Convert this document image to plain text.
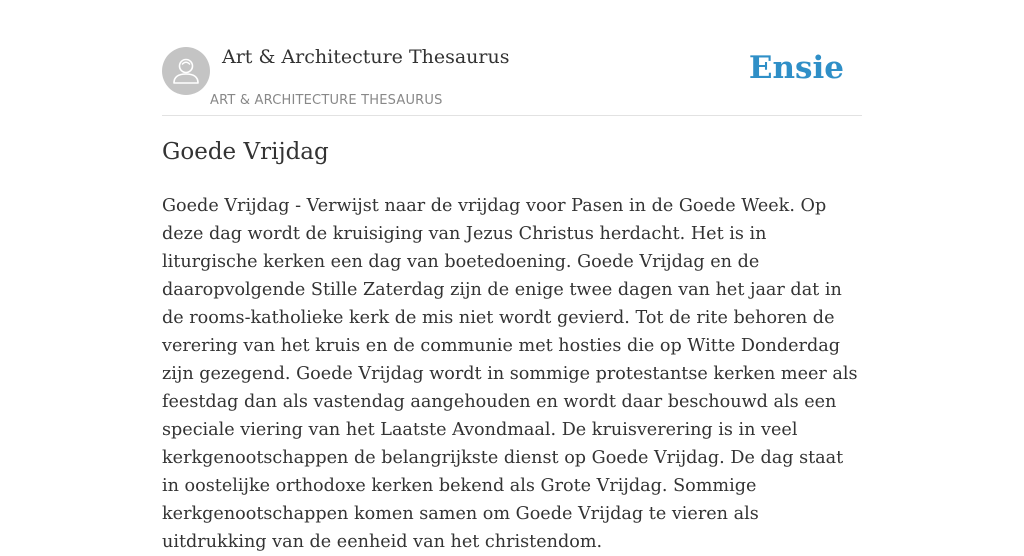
Art & Architecture Thesaurus
ART & ARCHITECTURE THESAURUS
Ensie
Goede Vrijdag

Goede Vrijdag - Verwijst naar de vrijdag voor Pasen in de Goede Week. Op deze dag wordt de kruisiging van Jezus Christus herdacht. Het is in liturgische kerken een dag van boetedoening. Goede Vrijdag en de daaropvolgende Stille Zaterdag zijn de enige twee dagen van het jaar dat in de rooms-katholieke kerk de mis niet wordt gevierd. Tot de rite behoren de verering van het kruis en de communie met hosties die op Witte Donderdag zijn gezegend. Goede Vrijdag wordt in sommige protestantse kerken meer als feestdag dan als vastendag aangehouden en wordt daar beschouwd als een speciale viering van het Laatste Avondmaal. De kruisverering is in veel kerkgenootschappen de belangrijkste dienst op Goede Vrijdag. De dag staat in oostelijke orthodoxe kerken bekend als Grote Vrijdag. Sommige kerkgenootschappen komen samen om Goede Vrijdag te vieren als uitdrukking van de eenheid van het christendom.
